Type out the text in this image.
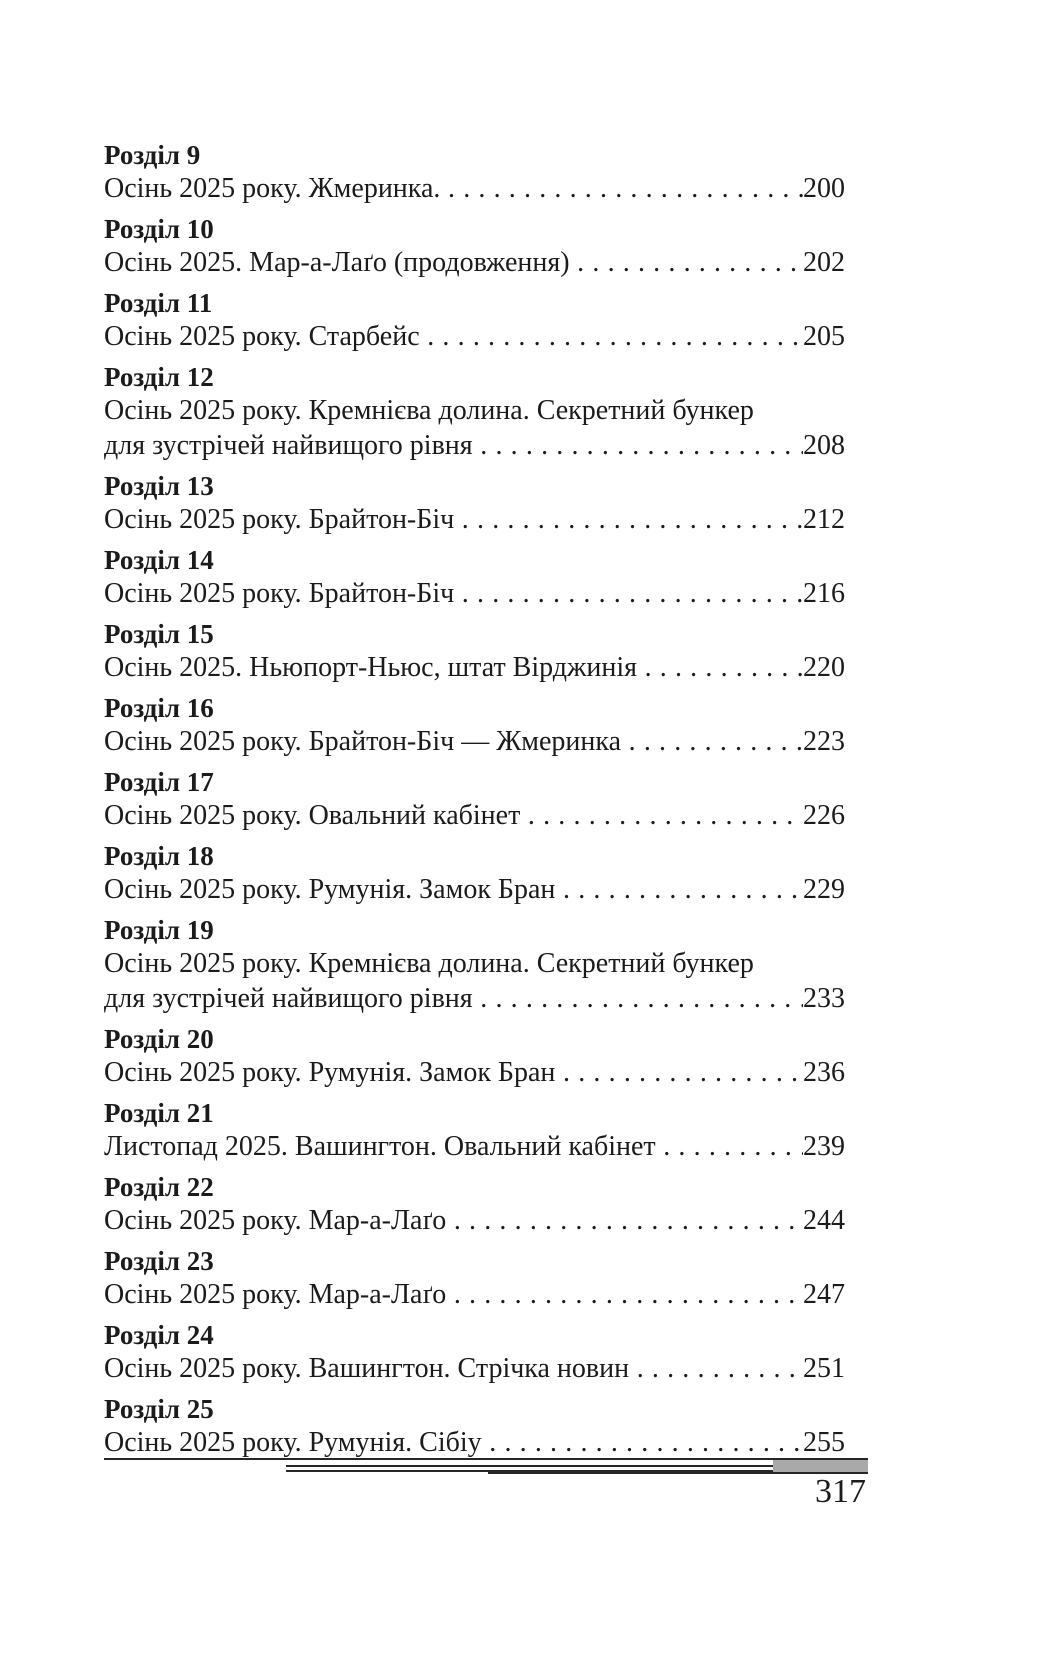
Розділ 9
Осінь 2025 року. Жмеринка. . . .	200
Розділ 10
Осінь 2025. Мар-а-Лаґо (продовження) . . .	202
Розділ 11
Осінь 2025 року. Старбейс . . .	205
Розділ 12
Осінь 2025 року. Кремнієва долина. Секретний бункер
для зустрічей найвищого рівня . . .	208
Розділ 13
Осінь 2025 року. Брайтон-Біч . . .	212
Розділ 14
Осінь 2025 року. Брайтон-Біч . . .	216
Розділ 15
Осінь 2025. Ньюпорт-Ньюс, штат Вірджинія . . .	220
Розділ 16
Осінь 2025 року. Брайтон-Біч — Жмеринка . . .	223
Розділ 17
Осінь 2025 року. Овальний кабінет . . .	226
Розділ 18
Осінь 2025 року. Румунія. Замок Бран . . .	229
Розділ 19
Осінь 2025 року. Кремнієва долина. Секретний бункер
для зустрічей найвищого рівня . . .	233
Розділ 20
Осінь 2025 року. Румунія. Замок Бран . . .	236
Розділ 21
Листопад 2025. Вашингтон. Овальний кабінет . . .	239
Розділ 22
Осінь 2025 року. Мар-а-Лаґо . . .	244
Розділ 23
Осінь 2025 року. Мар-а-Лаґо . . .	247
Розділ 24
Осінь 2025 року. Вашингтон. Стрічка новин . . .	251
Розділ 25
Осінь 2025 року. Румунія. Сібіу . . .	255
317
